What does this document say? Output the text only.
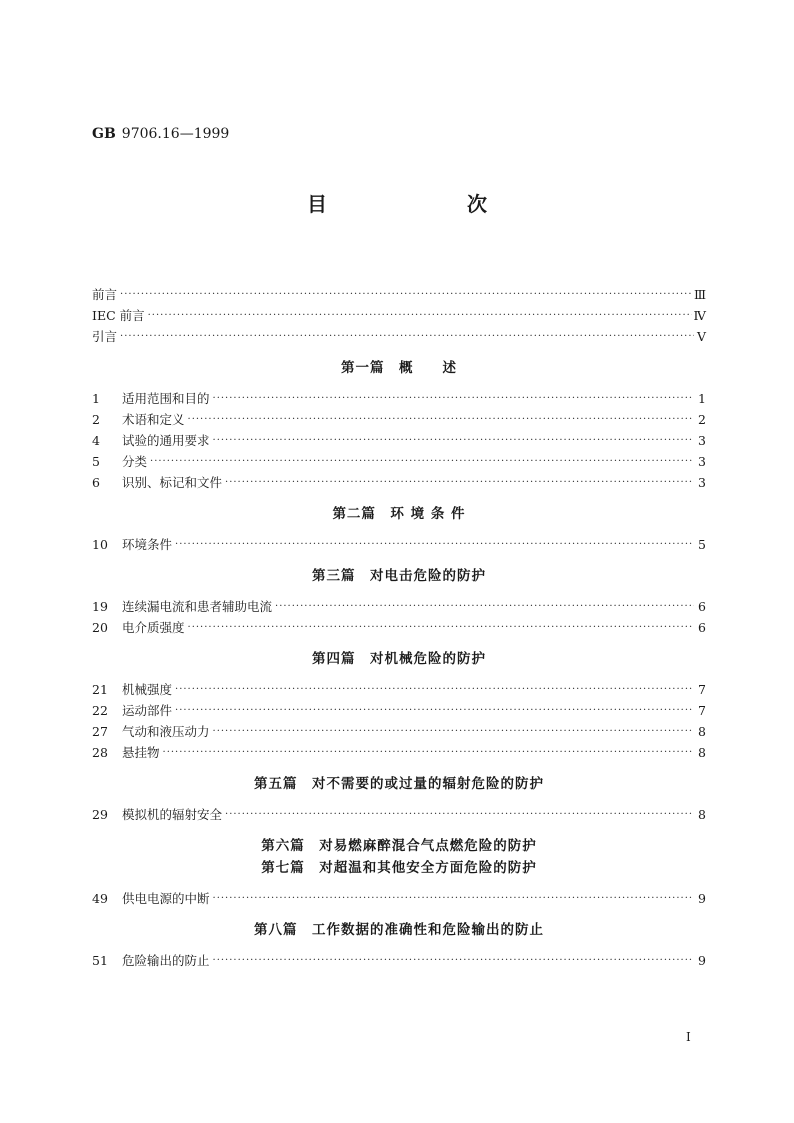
GB 9706.16—1999
目　次
前言 ·····	Ⅲ
IEC 前言 ·····	Ⅳ
引言 ·····	Ⅴ
第一篇　概　　述
1	适用范围和目的 ·····	1
2	术语和定义 ·····	2
4	试验的通用要求 ·····	3
5	分类 ·····	3
6	识别、标记和文件 ·····	3
第二篇　环 境 条 件
10	环境条件 ·····	5
第三篇　对电击危险的防护
19	连续漏电流和患者辅助电流 ·····	6
20	电介质强度 ·····	6
第四篇　对机械危险的防护
21	机械强度 ·····	7
22	运动部件 ·····	7
27	气动和液压动力 ·····	8
28	悬挂物 ·····	8
第五篇　对不需要的或过量的辐射危险的防护
29	模拟机的辐射安全 ·····	8
第六篇　对易燃麻醉混合气点燃危险的防护
第七篇　对超温和其他安全方面危险的防护
49	供电电源的中断 ·····	9
第八篇　工作数据的准确性和危险输出的防止
51	危险输出的防止 ·····	9
I
